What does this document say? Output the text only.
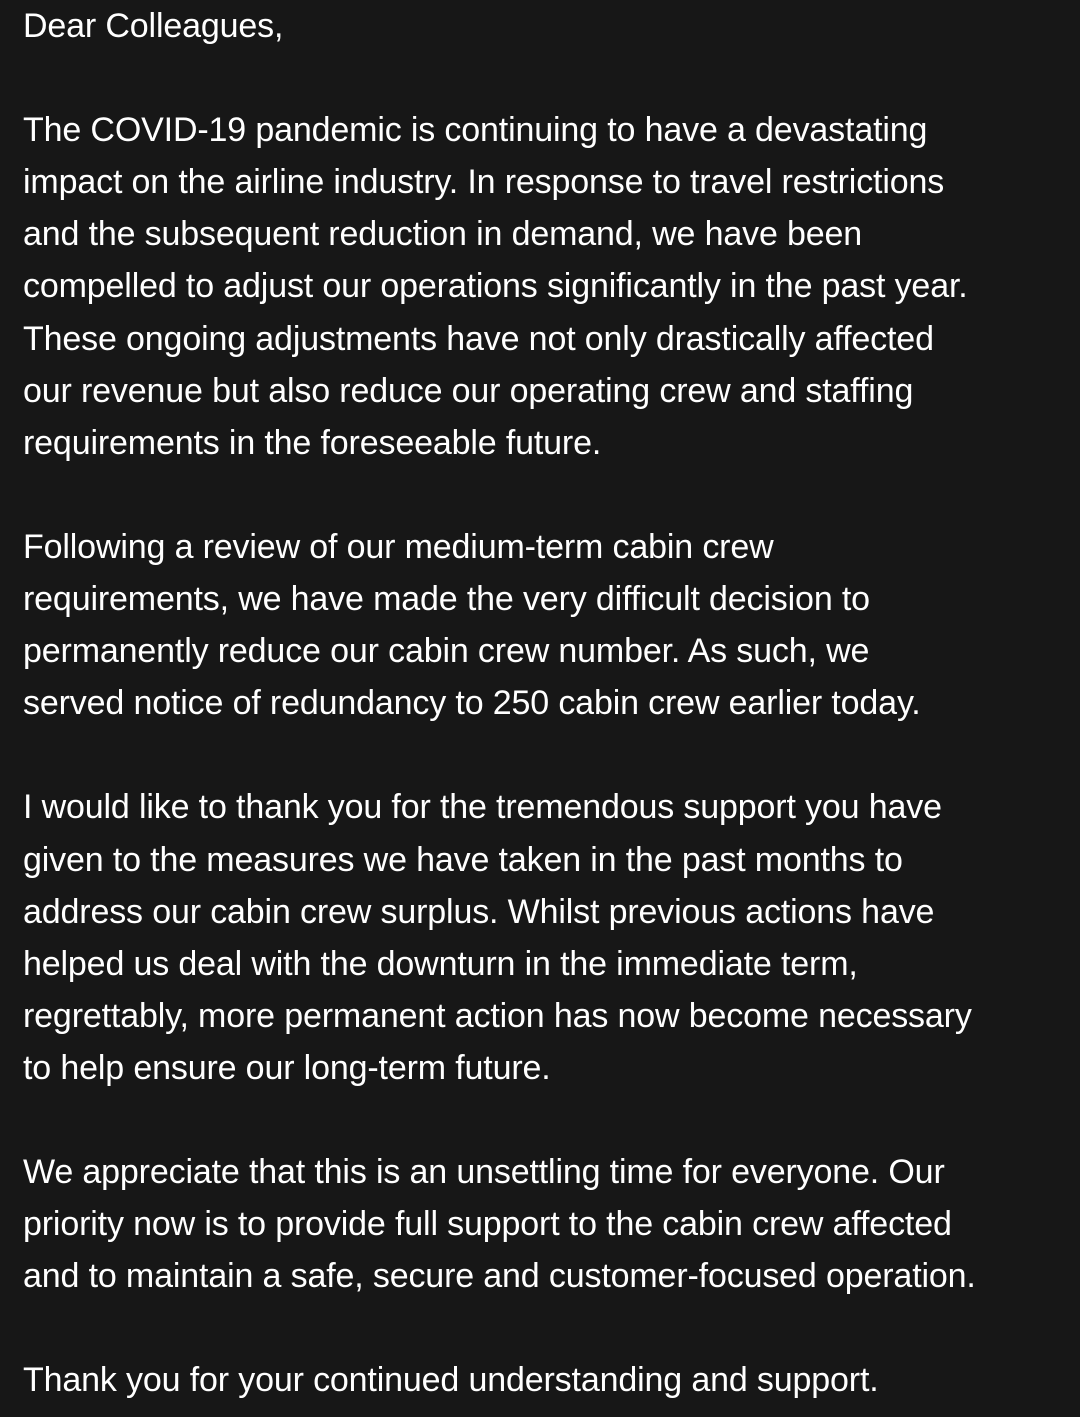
Dear Colleagues,

The COVID-19 pandemic is continuing to have a devastating
impact on the airline industry. In response to travel restrictions
and the subsequent reduction in demand, we have been
compelled to adjust our operations significantly in the past year.
These ongoing adjustments have not only drastically affected
our revenue but also reduce our operating crew and staffing
requirements in the foreseeable future.
Following a review of our medium-term cabin crew
requirements, we have made the very difficult decision to
permanently reduce our cabin crew number. As such, we
served notice of redundancy to 250 cabin crew earlier today.
I would like to thank you for the tremendous support you have
given to the measures we have taken in the past months to
address our cabin crew surplus. Whilst previous actions have
helped us deal with the downturn in the immediate term,
regrettably, more permanent action has now become necessary
to help ensure our long-term future.
We appreciate that this is an unsettling time for everyone. Our
priority now is to provide full support to the cabin crew affected
and to maintain a safe, secure and customer-focused operation.
Thank you for your continued understanding and support.
